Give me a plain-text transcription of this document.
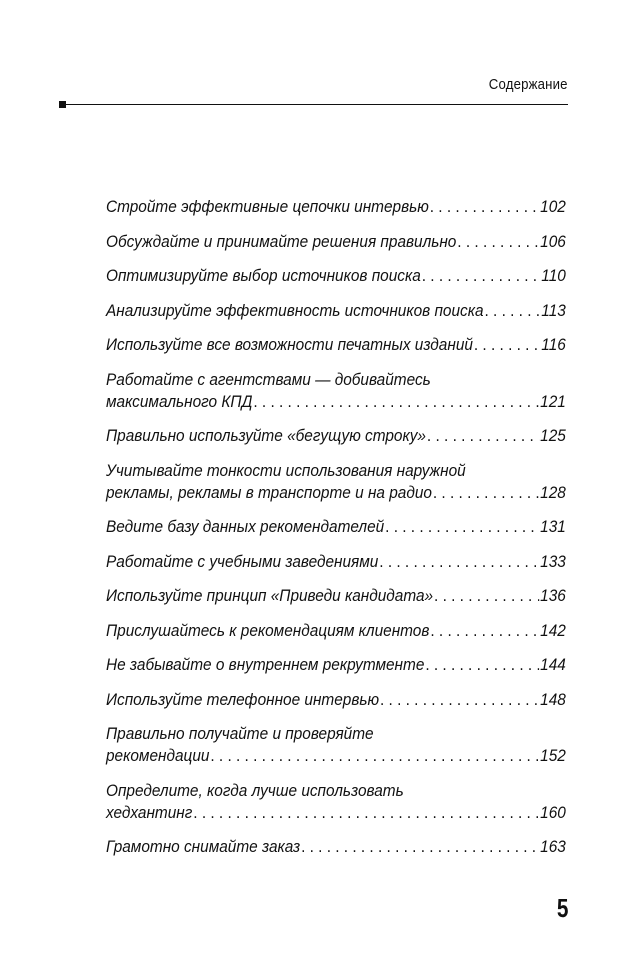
Содержание
Стройте эффективные цепочки интервью . . .	102
Обсуждайте и принимайте решения правильно . . .	106
Оптимизируйте выбор источников поиска . . .	110
Анализируйте эффективность источников поиска . . .	113
Используйте все возможности печатных изданий . . .	116
Работайте с агентствами — добивайтесь
максимального КПД . . .	121
Правильно используйте «бегущую строку» . . .	125
Учитывайте тонкости использования наружной
рекламы, рекламы в транспорте и на радио . . .	128
Ведите базу данных рекомендателей . . .	131
Работайте с учебными заведениями . . .	133
Используйте принцип «Приведи кандидата» . . .	136
Прислушайтесь к рекомендациям клиентов . . .	142
Не забывайте о внутреннем рекрутменте . . .	144
Используйте телефонное интервью . . .	148
Правильно получайте и проверяйте
рекомендации . . .	152
Определите, когда лучше использовать
хедхантинг . . .	160
Грамотно снимайте заказ . . .	163
5
